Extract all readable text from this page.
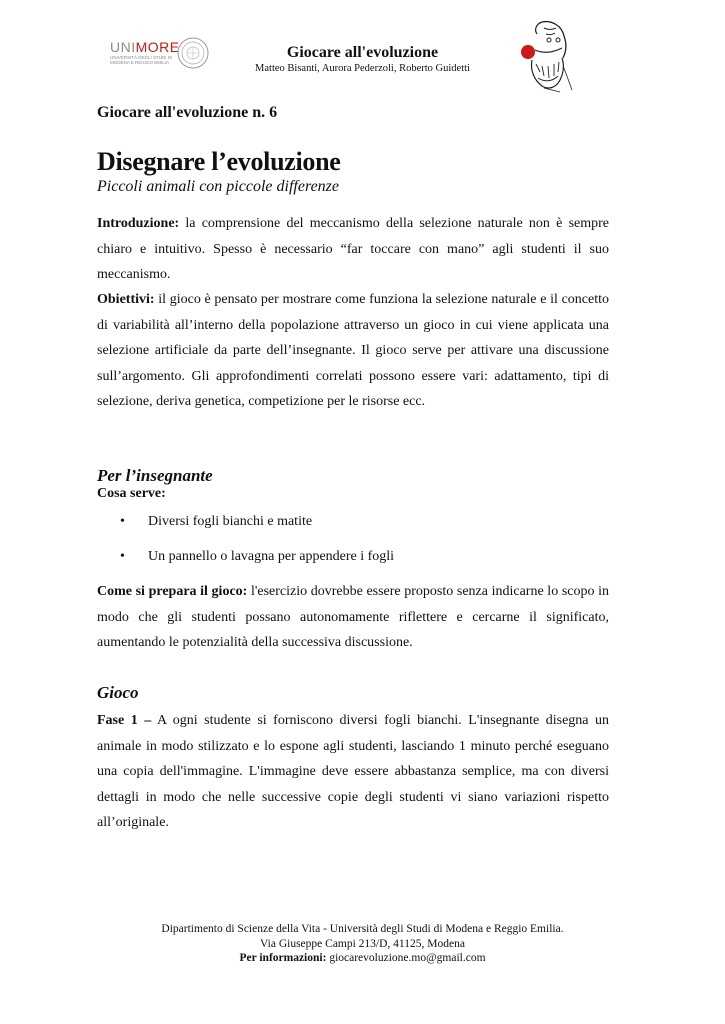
UNIMORE
UNIVERSITÀ DEGLI STUDI DI MODENA E REGGIO EMILIA
Giocare all'evoluzione
Matteo Bisanti, Aurora Pederzoli, Roberto Guidetti
Giocare all'evoluzione n. 6
Disegnare l’evoluzione
Piccoli animali con piccole differenze
Introduzione: la comprensione del meccanismo della selezione naturale non è sempre chiaro e intuitivo. Spesso è necessario “far toccare con mano” agli studenti il suo meccanismo.
Obiettivi: il gioco è pensato per mostrare come funziona la selezione naturale e il concetto di variabilità all’interno della popolazione attraverso un gioco in cui viene applicata una selezione artificiale da parte dell’insegnante. Il gioco serve per attivare una discussione sull’argomento. Gli approfondimenti correlati possono essere vari: adattamento, tipi di selezione, deriva genetica, competizione per le risorse ecc.
Per l’insegnante
Cosa serve:
• Diversi fogli bianchi e matite
• Un pannello o lavagna per appendere i fogli
Come si prepara il gioco: l'esercizio dovrebbe essere proposto senza indicarne lo scopo in modo che gli studenti possano autonomamente riflettere e cercarne il significato, aumentando le potenzialità della successiva discussione.
Gioco
Fase 1 – A ogni studente si forniscono diversi fogli bianchi. L'insegnante disegna un animale in modo stilizzato e lo espone agli studenti, lasciando 1 minuto perché eseguano una copia dell'immagine. L'immagine deve essere abbastanza semplice, ma con diversi dettagli in modo che nelle successive copie degli studenti vi siano variazioni rispetto all’originale.
Dipartimento di Scienze della Vita - Università degli Studi di Modena e Reggio Emilia.
Via Giuseppe Campi 213/D, 41125, Modena
Per informazioni: giocarevoluzione.mo@gmail.com
